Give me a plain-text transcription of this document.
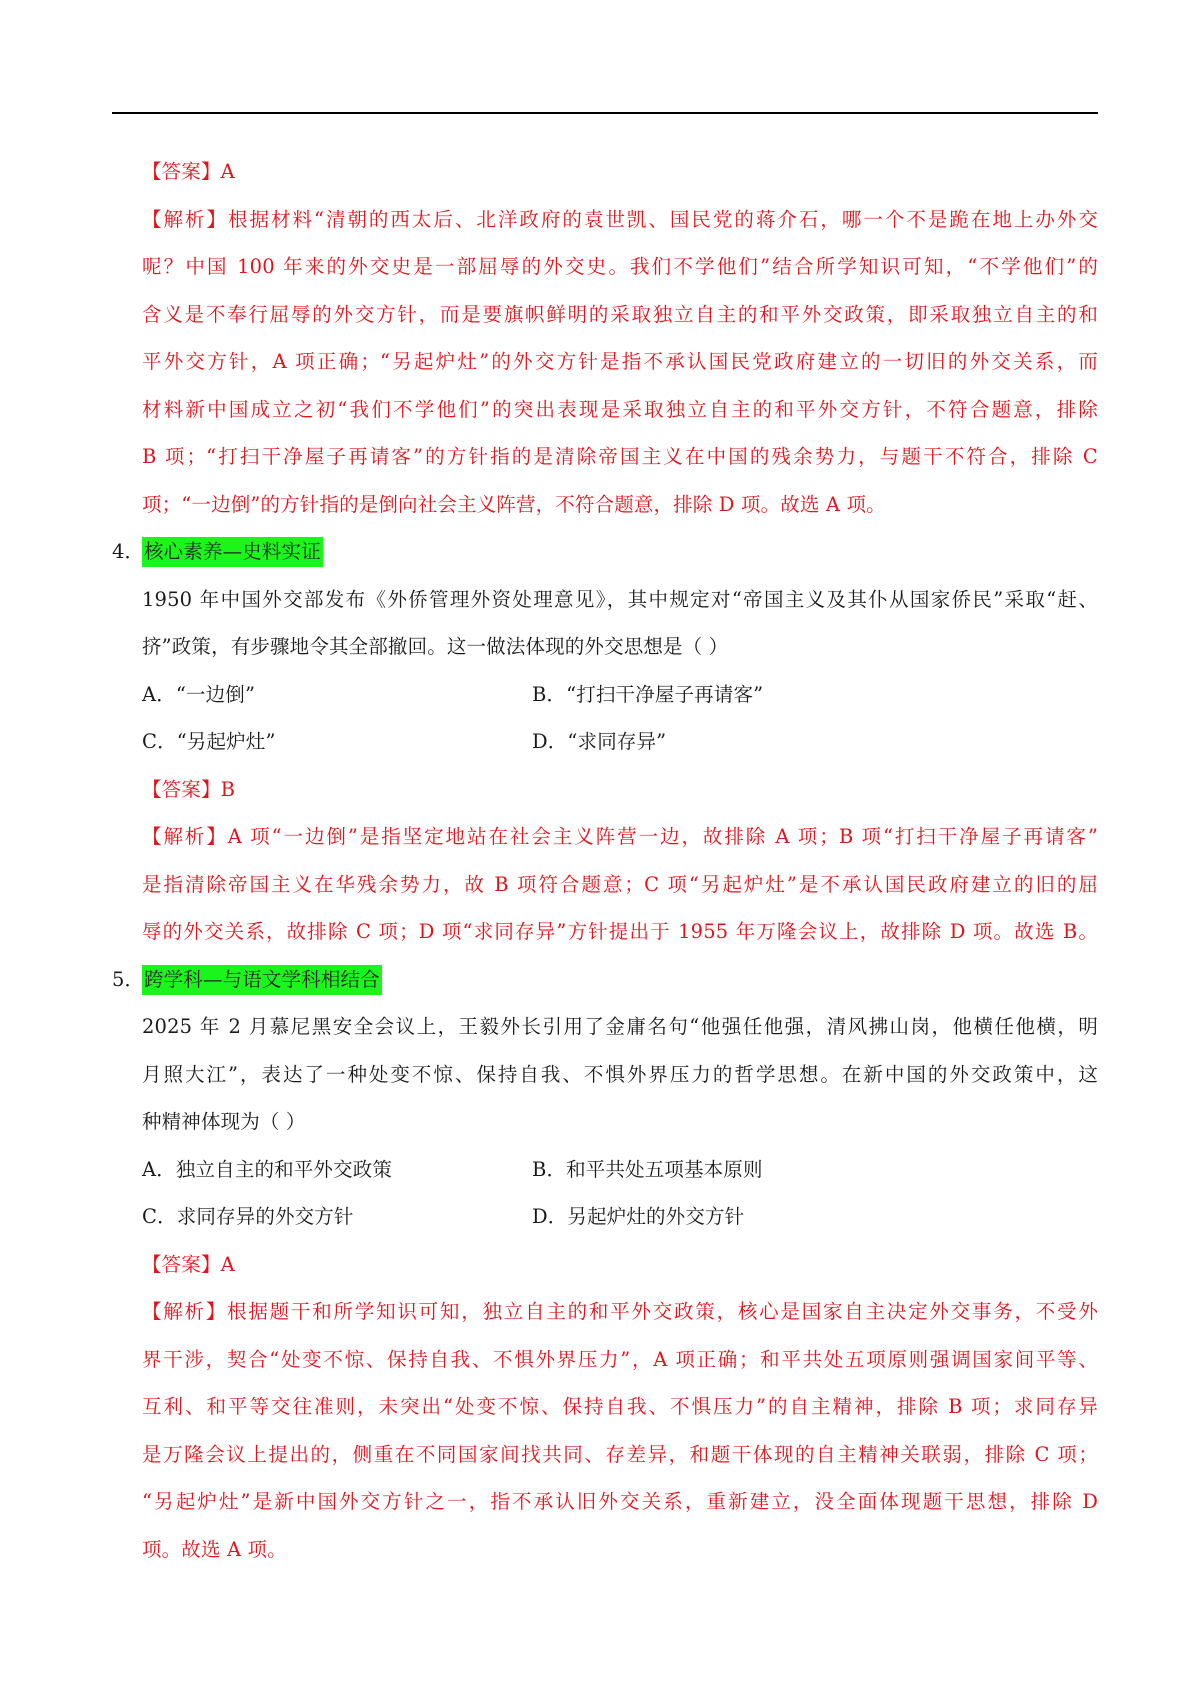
【答案】A
【解析】根据材料“清朝的西太后、北洋政府的袁世凯、国民党的蒋介石，哪一个不是跪在地上办外交
呢？中国 100 年来的外交史是一部屈辱的外交史。我们不学他们”结合所学知识可知，“不学他们”的
含义是不奉行屈辱的外交方针，而是要旗帜鲜明的采取独立自主的和平外交政策，即采取独立自主的和
平外交方针，A 项正确；“另起炉灶”的外交方针是指不承认国民党政府建立的一切旧的外交关系，而
材料新中国成立之初“我们不学他们”的突出表现是采取独立自主的和平外交方针，不符合题意，排除
B 项；“打扫干净屋子再请客”的方针指的是清除帝国主义在中国的残余势力，与题干不符合，排除 C
项；“一边倒”的方针指的是倒向社会主义阵营，不符合题意，排除 D 项。故选 A 项。
4． 核心素养—史料实证
1950 年中国外交部发布《外侨管理外资处理意见》，其中规定对“帝国主义及其仆从国家侨民”采取“赶、
挤”政策，有步骤地令其全部撤回。这一做法体现的外交思想是（ ）
A．“一边倒”	B．“打扫干净屋子再请客”
C．“另起炉灶”	D．“求同存异”
【答案】B
【解析】A 项“一边倒”是指坚定地站在社会主义阵营一边，故排除 A 项；B 项“打扫干净屋子再请客”
是指清除帝国主义在华残余势力，故 B 项符合题意；C 项“另起炉灶”是不承认国民政府建立的旧的屈
辱的外交关系，故排除 C 项；D 项“求同存异”方针提出于 1955 年万隆会议上，故排除 D 项。故选 B。
5． 跨学科—与语文学科相结合
2025 年 2 月慕尼黑安全会议上，王毅外长引用了金庸名句“他强任他强，清风拂山岗，他横任他横，明
月照大江”，表达了一种处变不惊、保持自我、不惧外界压力的哲学思想。在新中国的外交政策中，这
种精神体现为（ ）
A．独立自主的和平外交政策	B．和平共处五项基本原则
C．求同存异的外交方针	D．另起炉灶的外交方针
【答案】A
【解析】根据题干和所学知识可知，独立自主的和平外交政策，核心是国家自主决定外交事务，不受外
界干涉，契合“处变不惊、保持自我、不惧外界压力”，A 项正确；和平共处五项原则强调国家间平等、
互利、和平等交往准则，未突出“处变不惊、保持自我、不惧压力”的自主精神，排除 B 项；求同存异
是万隆会议上提出的，侧重在不同国家间找共同、存差异，和题干体现的自主精神关联弱，排除 C 项；
“另起炉灶”是新中国外交方针之一，指不承认旧外交关系，重新建立，没全面体现题干思想，排除 D
项。故选 A 项。
